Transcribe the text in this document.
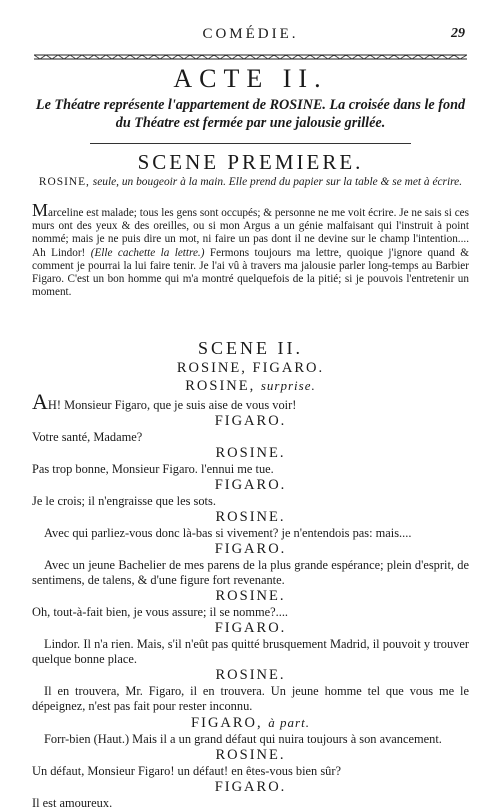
COMÉDIE.	29
ACTE II.
Le Théatre représente l'appartement de ROSINE. La croisée dans le fond du Théatre est fermée par une jalousie grillée.
SCENE PREMIERE.
ROSINE, seule, un bougeoir à la main. Elle prend du papier sur la table & se met à écrire.
Marceline est malade; tous les gens sont occupés; & personne ne me voit écrire. Je ne sais si ces murs ont des yeux & des oreilles, ou si mon Argus a un génie malfaisant qui l'instruit à point nommé; mais je ne puis dire un mot, ni faire un pas dont il ne devine sur le champ l'intention.... Ah Lindor! (Elle cachette la lettre.) Fermons toujours ma lettre, quoique j'ignore quand & comment je pourrai la lui faire tenir. Je l'ai vû à travers ma jalousie parler long-temps au Barbier Figaro. C'est un bon homme qui m'a montré quelquefois de la pitié; si je pouvois l'entretenir un moment.
SCENE II.
ROSINE, FIGARO.
ROSINE, surprise.
AH! Monsieur Figaro, que je suis aise de vous voir!
FIGARO.
Votre santé, Madame?
ROSINE.
Pas trop bonne, Monsieur Figaro. l'ennui me tue.
FIGARO.
Je le crois; il n'engraisse que les sots.
ROSINE.
Avec qui parliez-vous donc là-bas si vivement? je n'entendois pas: mais....
FIGARO.
Avec un jeune Bachelier de mes parens de la plus grande espérance; plein d'esprit, de sentimens, de talens, & d'une figure fort revenante.
ROSINE.
Oh, tout-à-fait bien, je vous assure; il se nomme?....
FIGARO.
Lindor. Il n'a rien. Mais, s'il n'eût pas quitté brusquement Madrid, il pouvoit y trouver quelque bonne place.
ROSINE.
Il en trouvera, Mr. Figaro, il en trouvera. Un jeune homme tel que vous me le dépeignez, n'est pas fait pour rester inconnu.
FIGARO, à part.
Forr-bien (Haut.) Mais il a un grand défaut qui nuira toujours à son avancement.
ROSINE.
Un défaut, Monsieur Figaro! un défaut! en êtes-vous bien sûr?
FIGARO.
Il est amoureux.
